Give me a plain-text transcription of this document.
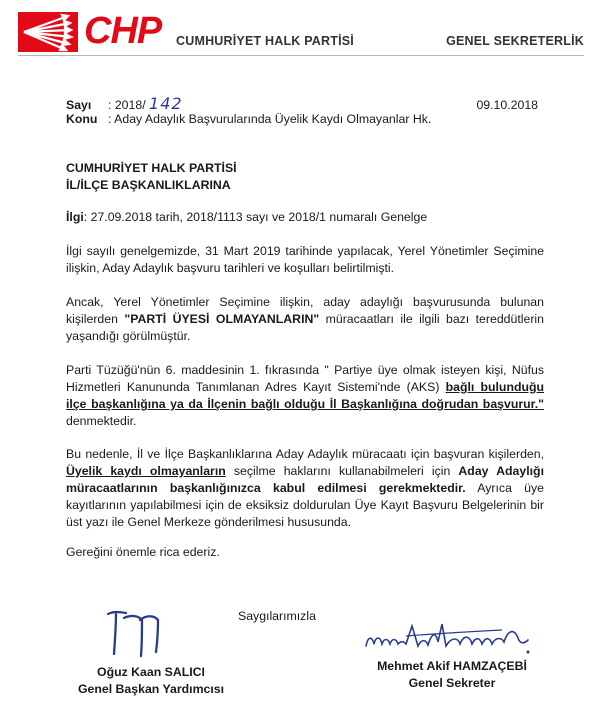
CHP CUMHURİYET HALK PARTİSİ	GENEL SEKRETERLİK
Sayı : 2018/ 142
Konu : Aday Adaylık Başvurularında Üyelik Kaydı Olmayanlar Hk.
09.10.2018
CUMHURİYET HALK PARTİSİ
İL/İLÇE BAŞKANLIKLARINA
İlgi: 27.09.2018 tarih, 2018/1113 sayı ve 2018/1 numaralı Genelge

İlgi sayılı genelgemizde, 31 Mart 2019 tarihinde yapılacak, Yerel Yönetimler Seçimine ilişkin, Aday Adaylık başvuru tarihleri ve koşulları belirtilmişti.

Ancak, Yerel Yönetimler Seçimine ilişkin, aday adaylığı başvurusunda bulunan kişilerden "PARTİ ÜYESİ OLMAYANLARIN" müracaatları ile ilgili bazı tereddütlerin yaşandığı görülmüştür.

Parti Tüzüğü'nün 6. maddesinin 1. fıkrasında " Partiye üye olmak isteyen kişi, Nüfus Hizmetleri Kanununda Tanımlanan Adres Kayıt Sistemi'nde (AKS) bağlı bulunduğu ilçe başkanlığına ya da İlçenin bağlı olduğu İl Başkanlığına doğrudan başvurur." denmektedir.

Bu nedenle, İl ve İlçe Başkanlıklarına Aday Adaylık müracaatı için başvuran kişilerden, Üyelik kaydı olmayanların seçilme haklarını kullanabilmeleri için Aday Adaylığı müracaatlarının başkanlığınızca kabul edilmesi gerekmektedir. Ayrıca üye kayıtlarının yapılabilmesi için de eksiksiz doldurulan Üye Kayıt Başvuru Belgelerinin bir üst yazı ile Genel Merkeze gönderilmesi hususunda.

Gereğini önemle rica ederiz.

Saygılarımızla
Oğuz Kaan SALICI
Genel Başkan Yardımcısı
Mehmet Akif HAMZAÇEBİ
Genel Sekreter
